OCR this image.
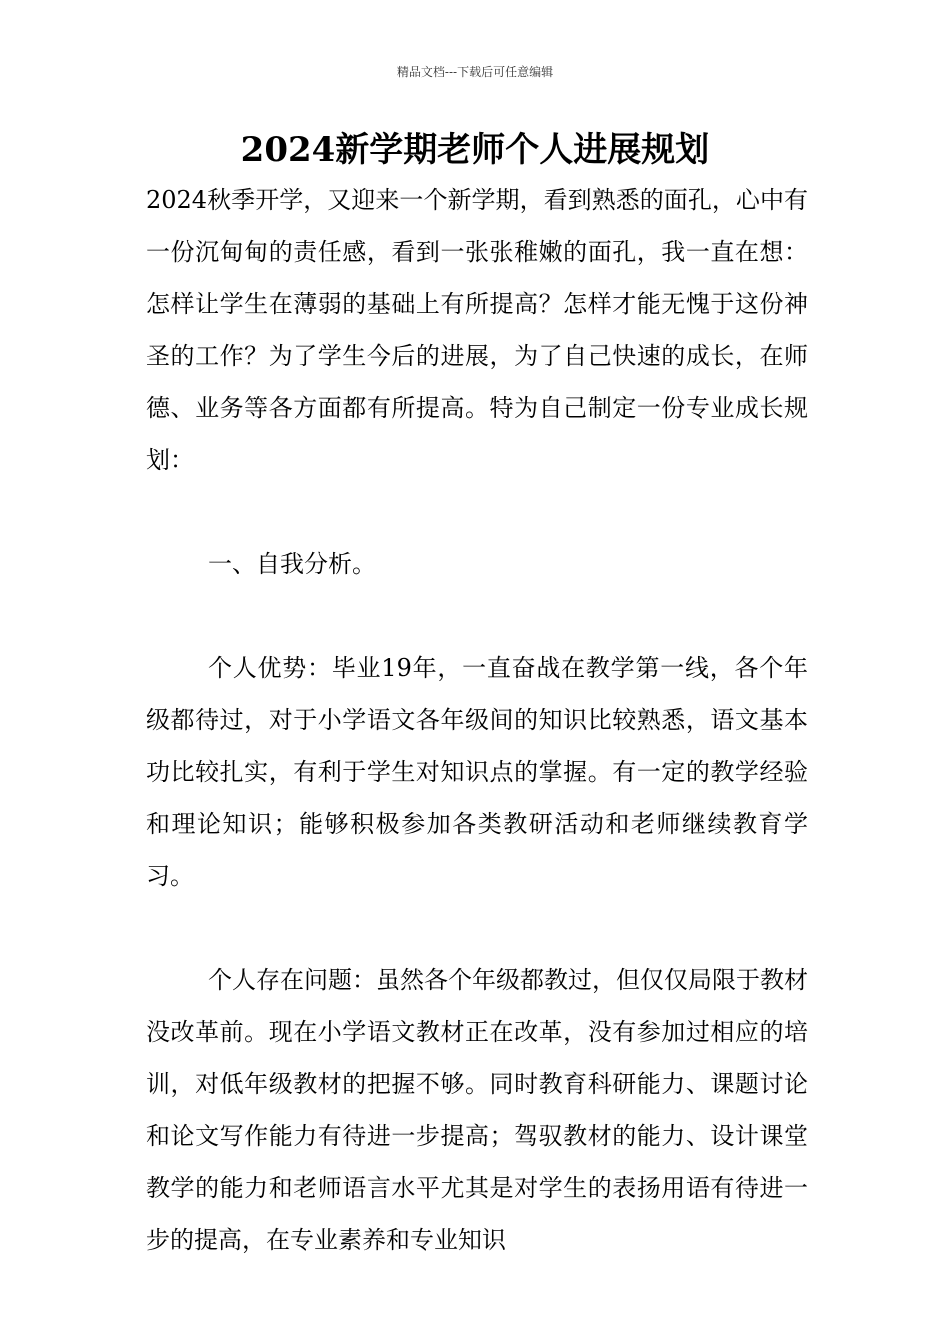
精品文档---下载后可任意编辑
2024新学期老师个人进展规划

2024秋季开学，又迎来一个新学期，看到熟悉的面孔，心中有一份沉甸甸的责任感，看到一张张稚嫩的面孔，我一直在想：怎样让学生在薄弱的基础上有所提高？怎样才能无愧于这份神圣的工作？为了学生今后的进展，为了自己快速的成长，在师德、业务等各方面都有所提高。特为自己制定一份专业成长规划：

一、自我分析。

个人优势：毕业19年，一直奋战在教学第一线，各个年级都待过，对于小学语文各年级间的知识比较熟悉，语文基本功比较扎实，有利于学生对知识点的掌握。有一定的教学经验和理论知识；能够积极参加各类教研活动和老师继续教育学习。

个人存在问题：虽然各个年级都教过，但仅仅局限于教材没改革前。现在小学语文教材正在改革，没有参加过相应的培训，对低年级教材的把握不够。同时教育科研能力、课题讨论和论文写作能力有待进一步提高；驾驭教材的能力、设计课堂教学的能力和老师语言水平尤其是对学生的表扬用语有待进一步的提高，在专业素养和专业知识
